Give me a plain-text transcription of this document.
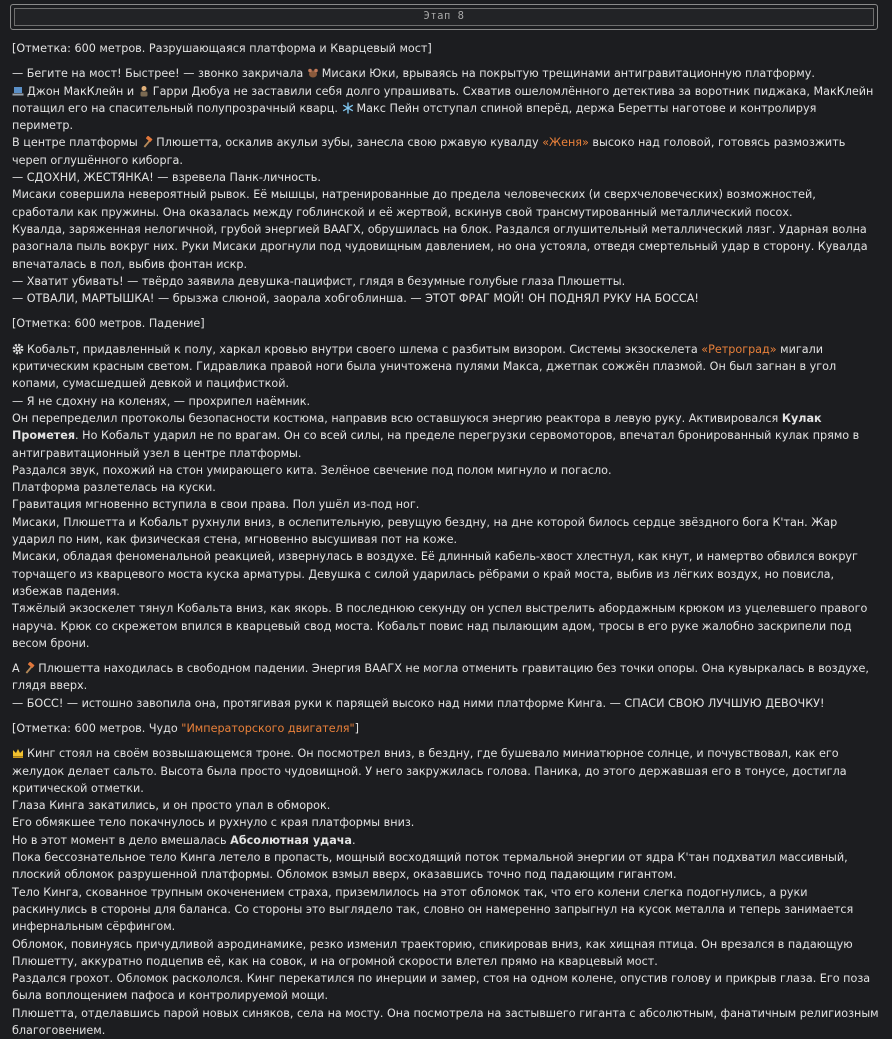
Этап 8

[Отметка: 600 метров. Разрушающаяся платформа и Кварцевый мост]

— Бегите на мост! Быстрее! — звонко закричала
Мисаки Юки, врываясь на покрытую трещинами антигравитационную платформу.

Джон МакКлейн и
Гарри Дюбуа не заставили себя долго упрашивать. Схватив ошеломлённого детектива за воротник пиджака, МакКлейн потащил его на спасительный полупрозрачный кварц.
Макс Пейн отступал спиной вперёд, держа Беретты наготове и контролируя периметр.

В центре платформы
Плюшетта, оскалив акульи зубы, занесла свою ржавую кувалду «Женя» высоко над головой, готовясь размозжить череп оглушённого киборга.

— СДОХНИ, ЖЕСТЯНКА! — взревела Панк-личность.

Мисаки совершила невероятный рывок. Её мышцы, натренированные до предела человеческих (и сверхчеловеческих) возможностей, сработали как пружины. Она оказалась между гоблинской и её жертвой, вскинув свой трансмутированный металлический посох.

Кувалда, заряженная нелогичной, грубой энергией ВААГХ, обрушилась на блок. Раздался оглушительный металлический лязг. Ударная волна разогнала пыль вокруг них. Руки Мисаки дрогнули под чудовищным давлением, но она устояла, отведя смертельный удар в сторону. Кувалда впечаталась в пол, выбив фонтан искр.

— Хватит убивать! — твёрдо заявила девушка-пацифист, глядя в безумные голубые глаза Плюшетты.

— ОТВАЛИ, МАРТЫШКА! — брызжа слюной, заорала хобгоблинша. — ЭТОТ ФРАГ МОЙ! ОН ПОДНЯЛ РУКУ НА БОССА!

[Отметка: 600 метров. Падение]

Кобальт, придавленный к полу, харкал кровью внутри своего шлема с разбитым визором. Системы экзоскелета «Ретроград» мигали критическим красным светом. Гидравлика правой ноги была уничтожена пулями Макса, джетпак сожжён плазмой. Он был загнан в угол копами, сумасшедшей девкой и пацифисткой.

— Я не сдохну на коленях, — прохрипел наёмник.

Он перепределил протоколы безопасности костюма, направив всю оставшуюся энергию реактора в левую руку. Активировался Кулак Прометея. Но Кобальт ударил не по врагам. Он со всей силы, на пределе перегрузки сервомоторов, впечатал бронированный кулак прямо в антигравитационный узел в центре платформы.

Раздался звук, похожий на стон умирающего кита. Зелёное свечение под полом мигнуло и погасло.

Платформа разлетелась на куски.

Гравитация мгновенно вступила в свои права. Пол ушёл из-под ног.

Мисаки, Плюшетта и Кобальт рухнули вниз, в ослепительную, ревущую бездну, на дне которой билось сердце звёздного бога К'тан. Жар ударил по ним, как физическая стена, мгновенно высушивая пот на коже.

Мисаки, обладая феноменальной реакцией, извернулась в воздухе. Её длинный кабель-хвост хлестнул, как кнут, и намертво обвился вокруг торчащего из кварцевого моста куска арматуры. Девушка с силой ударилась рёбрами о край моста, выбив из лёгких воздух, но повисла, избежав падения.

Тяжёлый экзоскелет тянул Кобальта вниз, как якорь. В последнюю секунду он успел выстрелить абордажным крюком из уцелевшего правого наруча. Крюк со скрежетом впился в кварцевый свод моста. Кобальт повис над пылающим адом, тросы в его руке жалобно заскрипели под весом брони.

А
Плюшетта находилась в свободном падении. Энергия ВААГХ не могла отменить гравитацию без точки опоры. Она кувыркалась в воздухе, глядя вверх.

— БОСС! — истошно завопила она, протягивая руки к парящей высоко над ними платформе Кинга. — СПАСИ СВОЮ ЛУЧШУЮ ДЕВОЧКУ!

[Отметка: 600 метров. Чудо "Императорского двигателя"]

Кинг стоял на своём возвышающемся троне. Он посмотрел вниз, в бездну, где бушевало миниатюрное солнце, и почувствовал, как его желудок делает сальто. Высота была просто чудовищной. У него закружилась голова. Паника, до этого державшая его в тонусе, достигла критической отметки.

Глаза Кинга закатились, и он просто упал в обморок.

Его обмякшее тело покачнулось и рухнуло с края платформы вниз.

Но в этот момент в дело вмешалась Абсолютная удача.

Пока бессознательное тело Кинга летело в пропасть, мощный восходящий поток термальной энергии от ядра К'тан подхватил массивный, плоский обломок разрушенной платформы. Обломок взмыл вверх, оказавшись точно под падающим гигантом.

Тело Кинга, скованное трупным окоченением страха, приземлилось на этот обломок так, что его колени слегка подогнулись, а руки раскинулись в стороны для баланса. Со стороны это выглядело так, словно он намеренно запрыгнул на кусок металла и теперь занимается инфернальным сёрфингом.

Обломок, повинуясь причудливой аэродинамике, резко изменил траекторию, спикировав вниз, как хищная птица. Он врезался в падающую Плюшетту, аккуратно подцепив её, как на совок, и на огромной скорости влетел прямо на кварцевый мост.

Раздался грохот. Обломок раскололся. Кинг перекатился по инерции и замер, стоя на одном колене, опустив голову и прикрыв глаза. Его поза была воплощением пафоса и контролируемой мощи.

Плюшетта, отделавшись парой новых синяков, села на мосту. Она посмотрела на застывшего гиганта с абсолютным, фанатичным религиозным благоговением.
